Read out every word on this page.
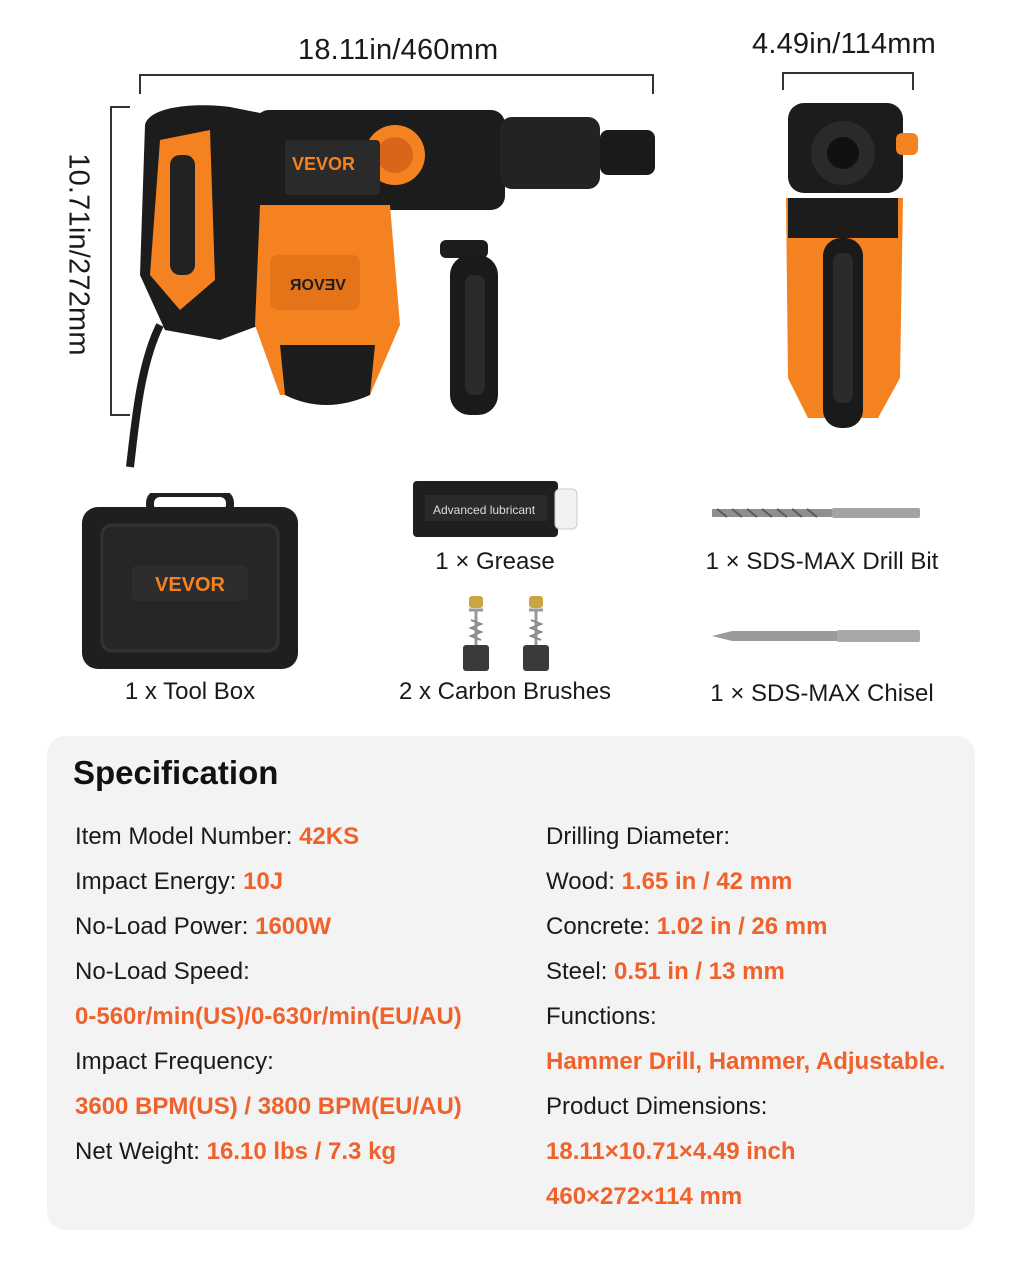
18.11in/460mm	4.49in/114mm
10.71in/272mm	VEVOR
ЯOVƎV
VEVOR
1 x Tool Box
Advanced lubricant
1 × Grease	1 × SDS-MAX Drill Bit
2 x Carbon Brushes	1 × SDS-MAX Chisel
Specification
Item Model Number: 42KS
Impact Energy: 10J
No-Load Power: 1600W
No-Load Speed:
0-560r/min(US)/0-630r/min(EU/AU)
Impact Frequency:
3600 BPM(US) / 3800 BPM(EU/AU)
Net Weight: 16.10 lbs / 7.3 kg
Drilling Diameter:
Wood: 1.65 in / 42 mm
Concrete: 1.02 in / 26 mm
Steel: 0.51 in / 13 mm
Functions:
Hammer Drill, Hammer, Adjustable.
Product Dimensions:
18.11×10.71×4.49 inch
460×272×114 mm
